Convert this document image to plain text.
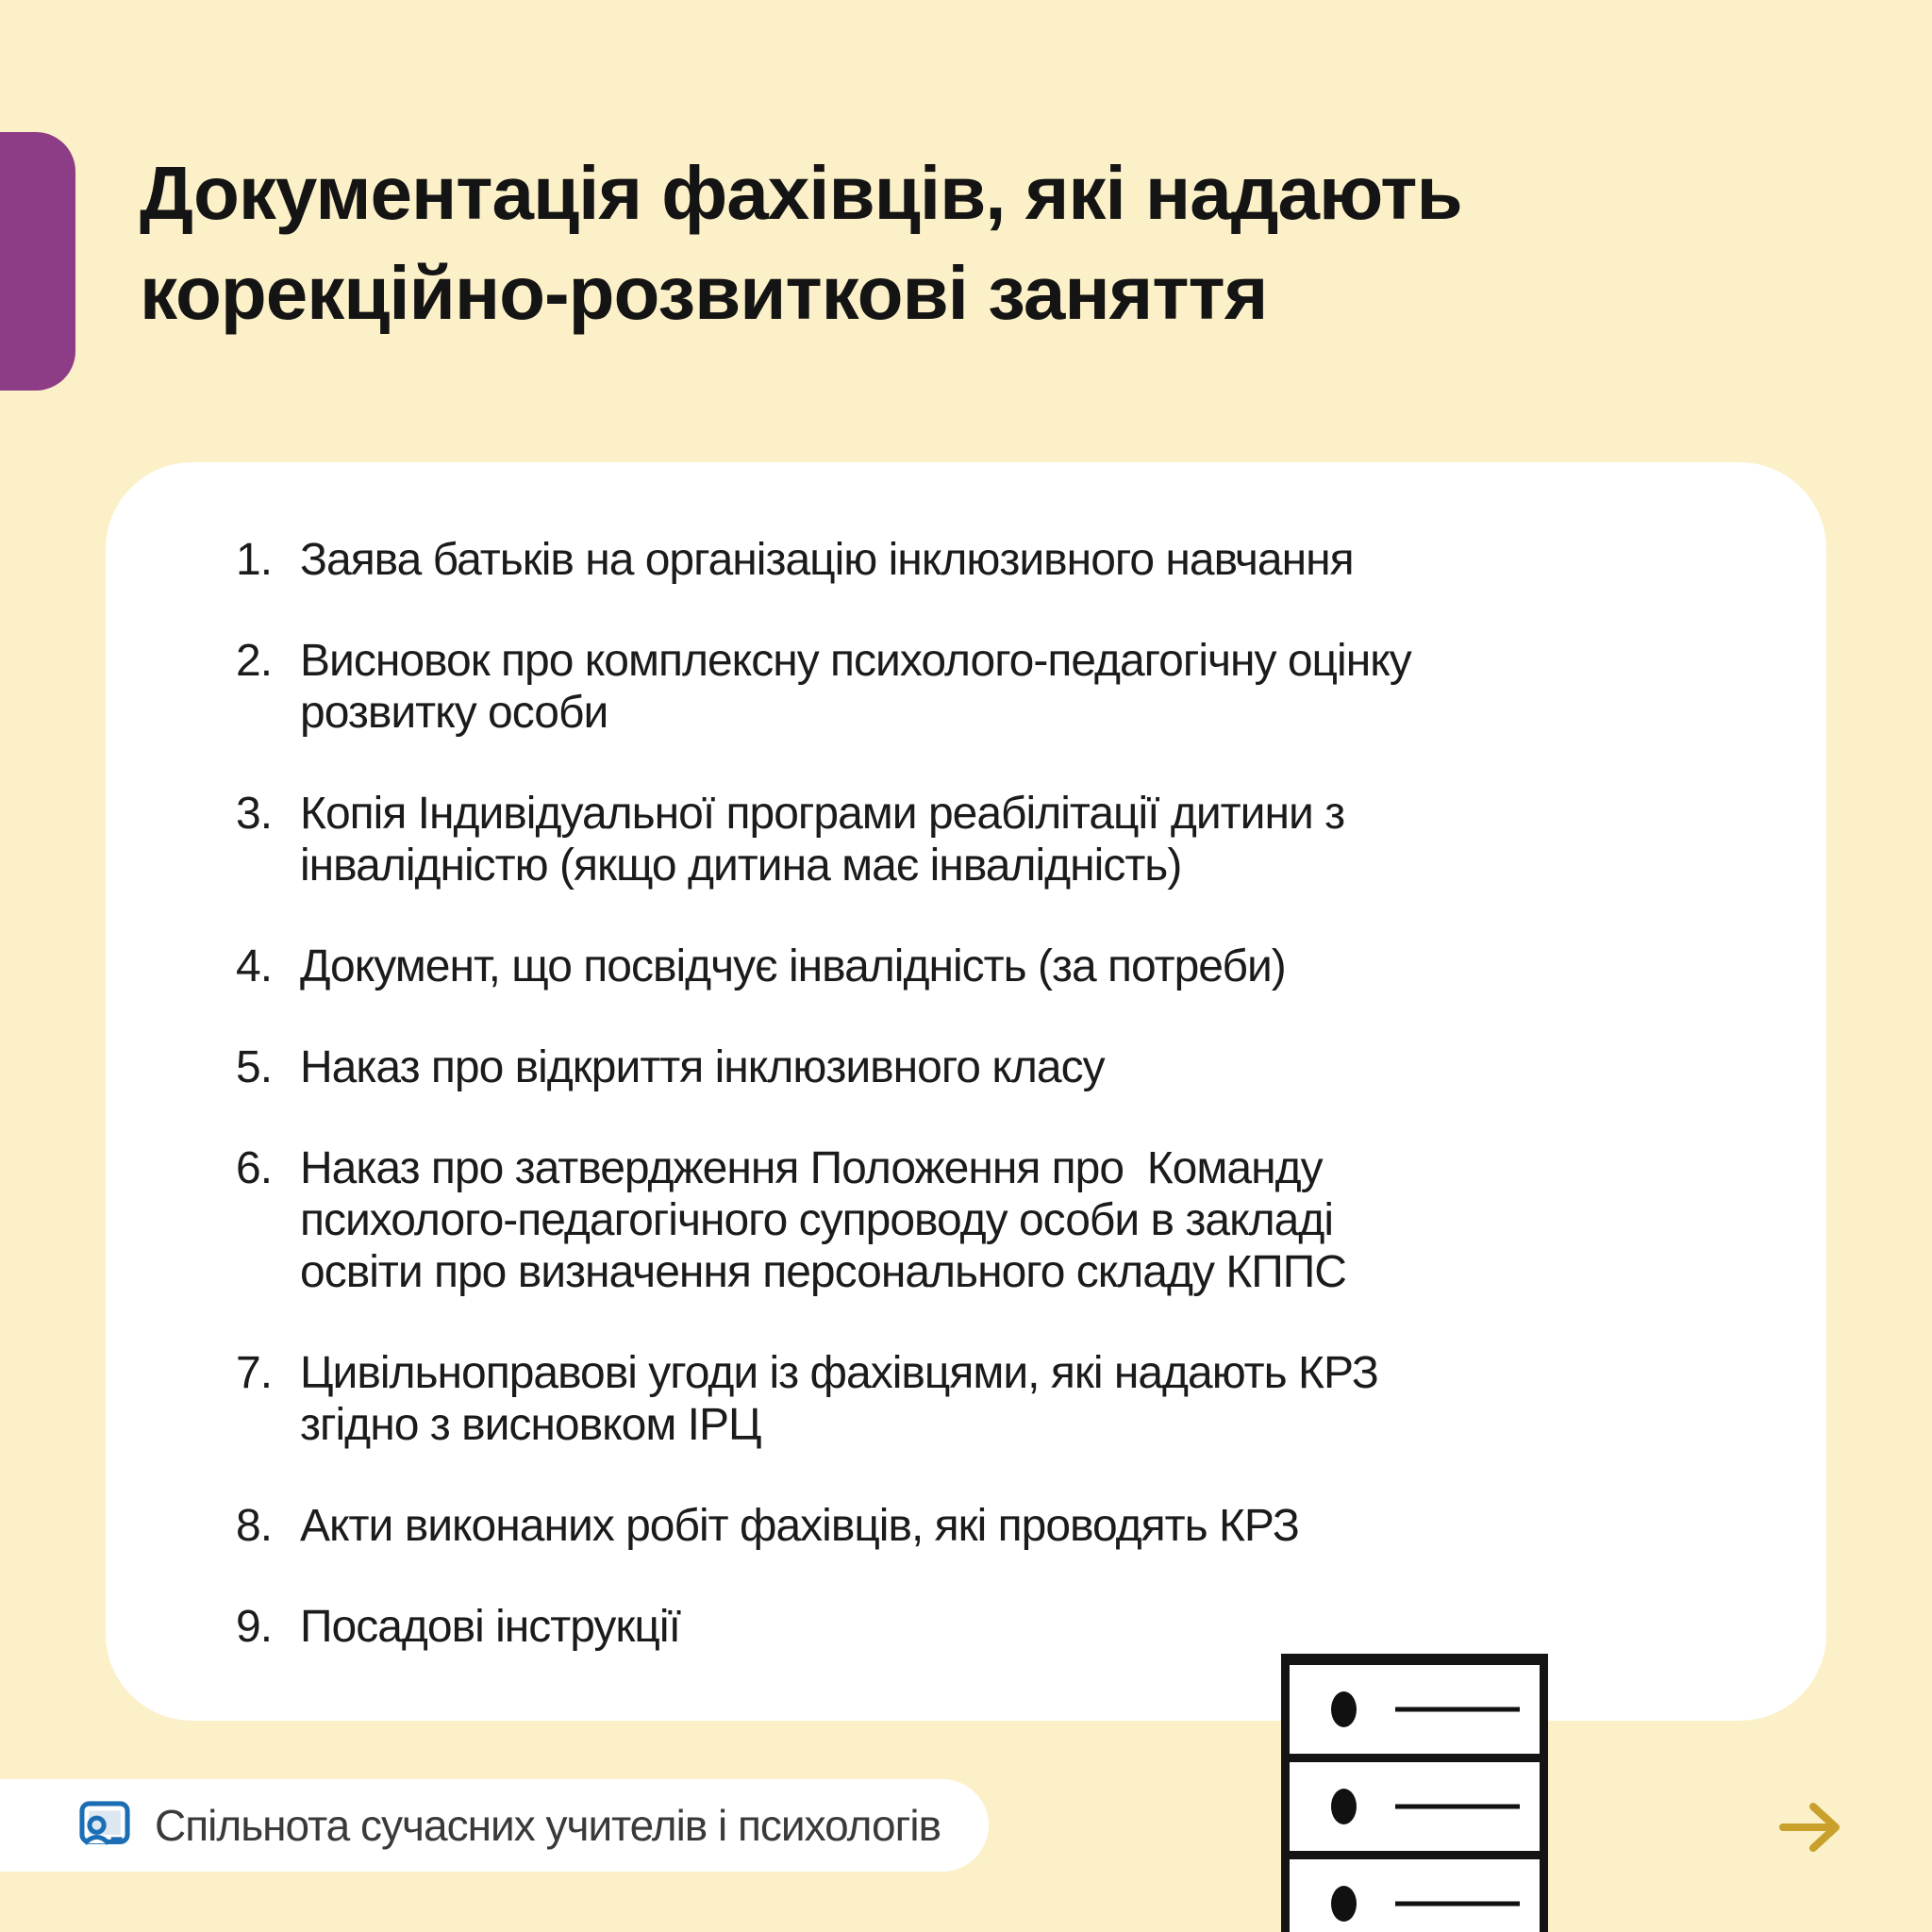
Документація фахівців, які надають
корекційно-розвиткові заняття
1. Заява батьків на організацію інклюзивного навчання
2. Висновок про комплексну психолого-педагогічну оцінку
розвитку особи
3. Копія Індивідуальної програми реабілітації дитини з
інвалідністю (якщо дитина має інвалідність)
4. Документ, що посвідчує інвалідність (за потреби)
5. Наказ про відкриття інклюзивного класу
6. Наказ про затвердження Положення про  Команду
психолого-педагогічного супроводу особи в закладі
освіти про визначення персонального складу КППС
7. Цивільноправові угоди із фахівцями, які надають КРЗ
згідно з висновком ІРЦ
8. Акти виконаних робіт фахівців, які проводять КРЗ
9. Посадові інструкції
Спільнота сучасних учителів і психологів
